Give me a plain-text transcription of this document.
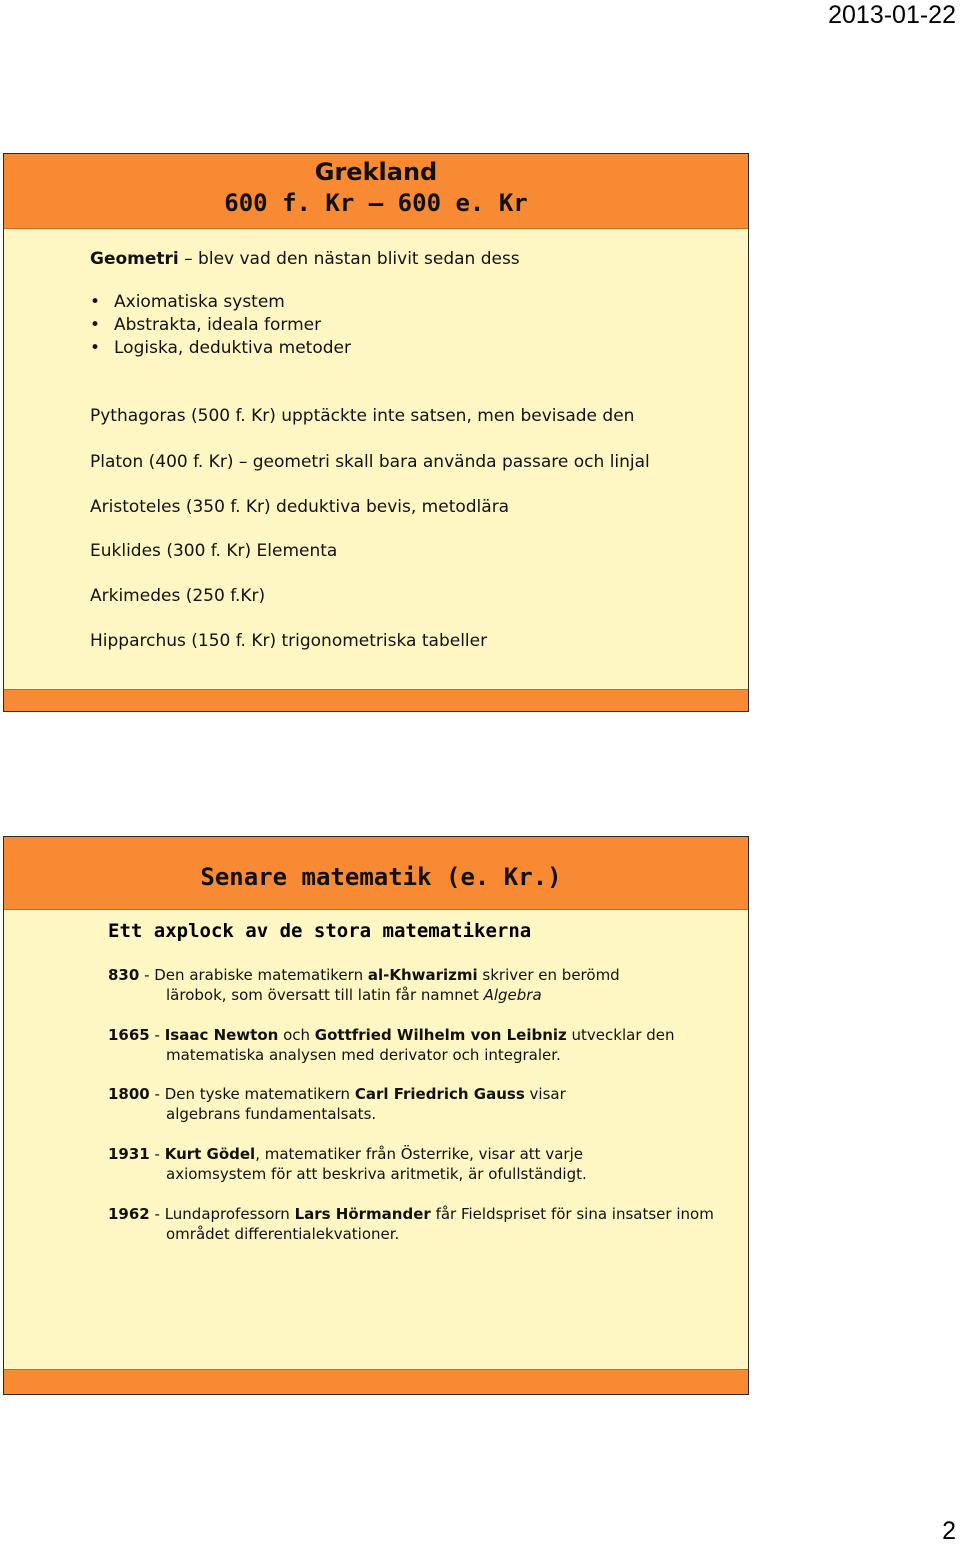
2013-01-22
Grekland
600 f. Kr – 600 e. Kr
Geometri – blev vad den nästan blivit sedan dess
• Axiomatiska system
• Abstrakta, ideala former
• Logiska, deduktiva metoder
Pythagoras (500 f. Kr) upptäckte inte satsen, men bevisade den
Platon (400 f. Kr) – geometri skall bara använda passare och linjal
Aristoteles (350 f. Kr) deduktiva bevis, metodlära
Euklides (300 f. Kr) Elementa
Arkimedes (250 f.Kr)
Hipparchus (150 f. Kr) trigonometriska tabeller
Senare matematik (e. Kr.)
Ett axplock av de stora matematikerna
830 - Den arabiske matematikern al-Khwarizmi skriver en berömd
lärobok, som översatt till latin får namnet Algebra
1665 - Isaac Newton och Gottfried Wilhelm von Leibniz utvecklar den
matematiska analysen med derivator och integraler.
1800 - Den tyske matematikern Carl Friedrich Gauss visar
algebrans fundamentalsats.
1931 - Kurt Gödel, matematiker från Österrike, visar att varje
axiomsystem för att beskriva aritmetik, är ofullständigt.
1962 - Lundaprofessorn Lars Hörmander får Fieldspriset för sina insatser inom
området differentialekvationer.
2
